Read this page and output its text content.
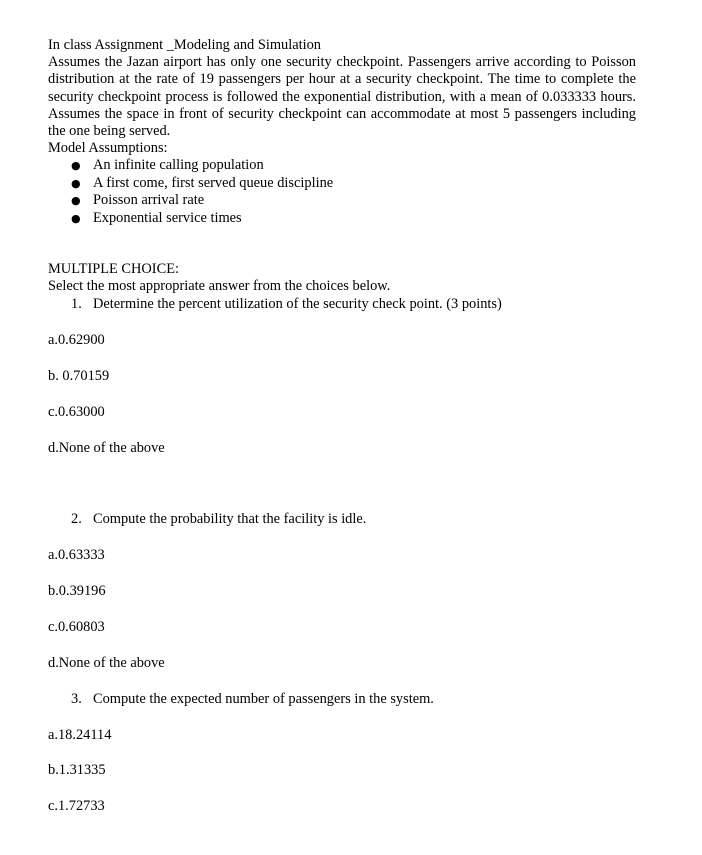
In class Assignment _Modeling and Simulation

Assumes the Jazan airport has only one security checkpoint. Passengers arrive according to Poisson distribution at the rate of 19 passengers per hour at a security checkpoint. The time to complete the security checkpoint process is followed the exponential distribution, with a mean of 0.033333 hours. Assumes the space in front of security checkpoint can accommodate at most 5 passengers including the one being served.

Model Assumptions:

● An infinite calling population
● A first come, first served queue discipline
● Poisson arrival rate
● Exponential service times

MULTIPLE CHOICE:

Select the most appropriate answer from the choices below.

1. Determine the percent utilization of the security check point. (3 points)

a.0.62900

b. 0.70159

c.0.63000

d.None of the above

2. Compute the probability that the facility is idle.

a.0.63333

b.0.39196

c.0.60803

d.None of the above

3. Compute the expected number of passengers in the system.

a.18.24114

b.1.31335

c.1.72733
